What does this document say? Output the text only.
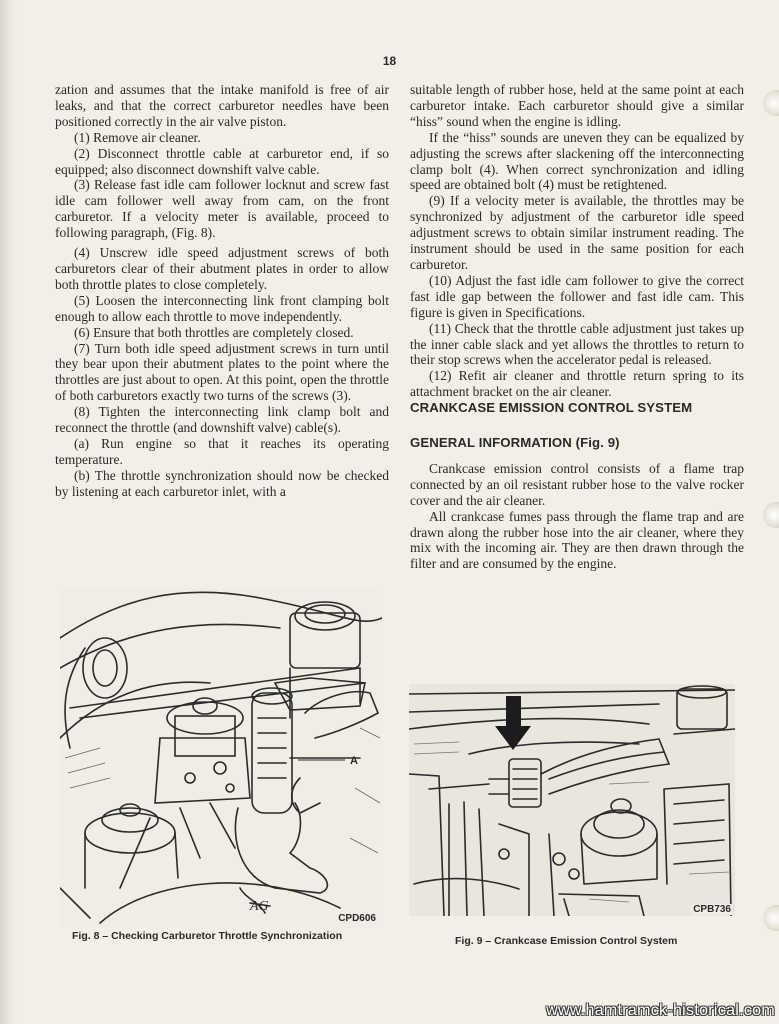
18

zation and assumes that the intake manifold is free of air leaks, and that the correct carburetor needles have been positioned correctly in the air valve piston.

(1) Remove air cleaner.

(2) Disconnect throttle cable at carburetor end, if so equipped; also disconnect downshift valve cable.

(3) Release fast idle cam follower locknut and screw fast idle cam follower well away from cam, on the front carburetor. If a velocity meter is available, proceed to following paragraph, (Fig. 8).

(4) Unscrew idle speed adjustment screws of both carburetors clear of their abutment plates in order to allow both throttle plates to close completely.

(5) Loosen the interconnecting link front clamping bolt enough to allow each throttle to move independently.

(6) Ensure that both throttles are completely closed.

(7) Turn both idle speed adjustment screws in turn until they bear upon their abutment plates to the point where the throttles are just about to open. At this point, open the throttle of both carburetors exactly two turns of the screws (3).

(8) Tighten the interconnecting link clamp bolt and reconnect the throttle (and downshift valve) cable(s).

(a) Run engine so that it reaches its operating temperature.

(b) The throttle synchronization should now be checked by listening at each carburetor inlet, with a

suitable length of rubber hose, held at the same point at each carburetor intake. Each carburetor should give a similar “hiss” sound when the engine is idling.

If the “hiss” sounds are uneven they can be equalized by adjusting the screws after slackening off the interconnecting clamp bolt (4). When correct synchronization and idling speed are obtained bolt (4) must be retightened.

(9) If a velocity meter is available, the throttles may be synchronized by adjustment of the carburetor idle speed adjustment screws to obtain similar instrument reading. The instrument should be used in the same position for each carburetor.

(10) Adjust the fast idle cam follower to give the correct fast idle gap between the follower and fast idle cam. This figure is given in Specifications.

(11) Check that the throttle cable adjustment just takes up the inner cable slack and yet allows the throttles to return to their stop screws when the accelerator pedal is released.

(12) Refit air cleaner and throttle return spring to its attachment bracket on the air cleaner.

CRANKCASE EMISSION CONTROL SYSTEM

GENERAL INFORMATION (Fig. 9)

Crankcase emission control consists of a flame trap connected by an oil resistant rubber hose to the valve rocker cover and the air cleaner.

All crankcase fumes pass through the flame trap and are drawn along the rubber hose into the air cleaner, where they mix with the incoming air. They are then drawn through the filter and are consumed by the engine.

A
AG
CPD606
Fig. 8 – Checking Carburetor Throttle Synchronization
CPB736
Fig. 9 – Crankcase Emission Control System
www.hamtramck-historical.com
